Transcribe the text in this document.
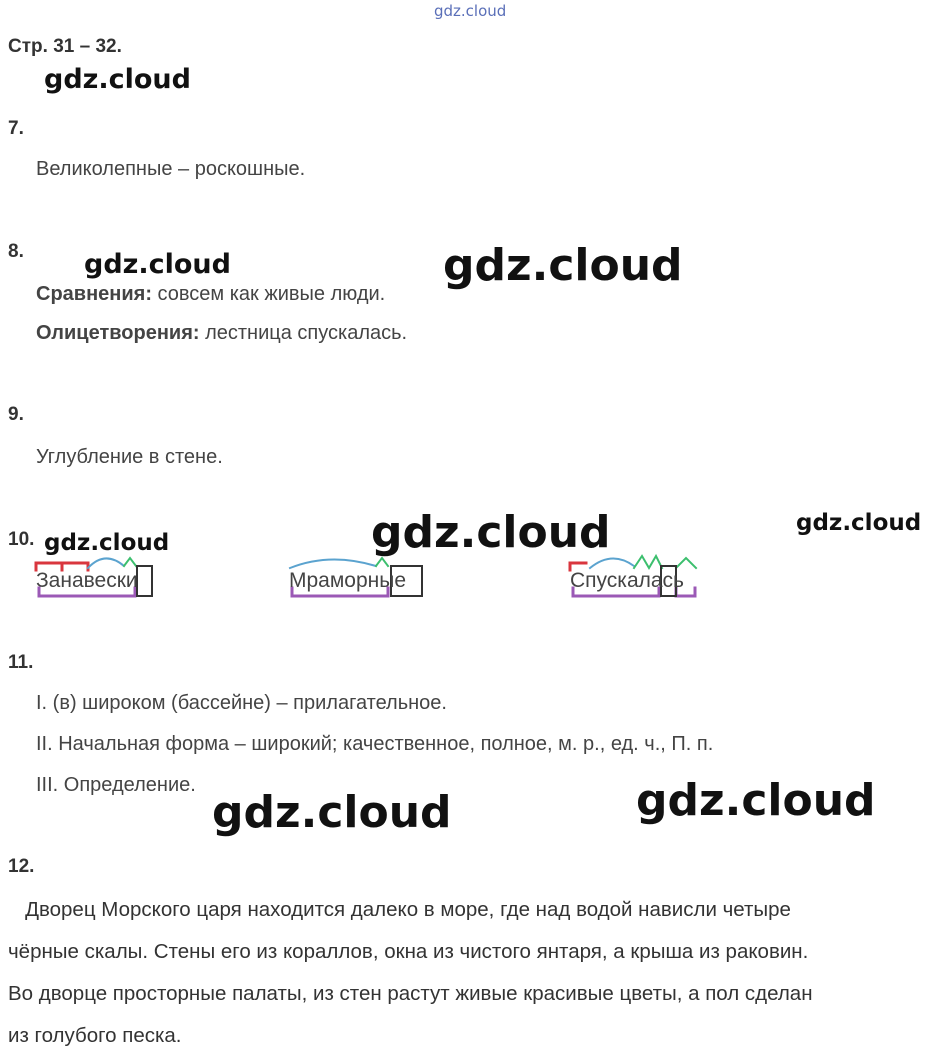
gdz.cloud
Стр. 31 – 32.
gdz.cloud
7.
Великолепные – роскошные.
8. gdz.cloud	gdz.cloud
Сравнения: совсем как живые люди.
Олицетворения: лестница спускалась.
9.
Углубление в стене.
10. gdz.cloud	gdz.cloud	gdz.cloud
Занавески	Мраморные	Спускалась
11.
I. (в) широком (бассейне) – прилагательное.
II. Начальная форма – широкий; качественное, полное, м. р., ед. ч., П. п.
III. Определение.
gdz.cloud	gdz.cloud
12.
Дворец Морского царя находится далеко в море, где над водой нависли четыре
чёрные скалы. Стены его из кораллов, окна из чистого янтаря, а крыша из раковин.
Во дворце просторные палаты, из стен растут живые красивые цветы, а пол сделан
из голубого песка.
